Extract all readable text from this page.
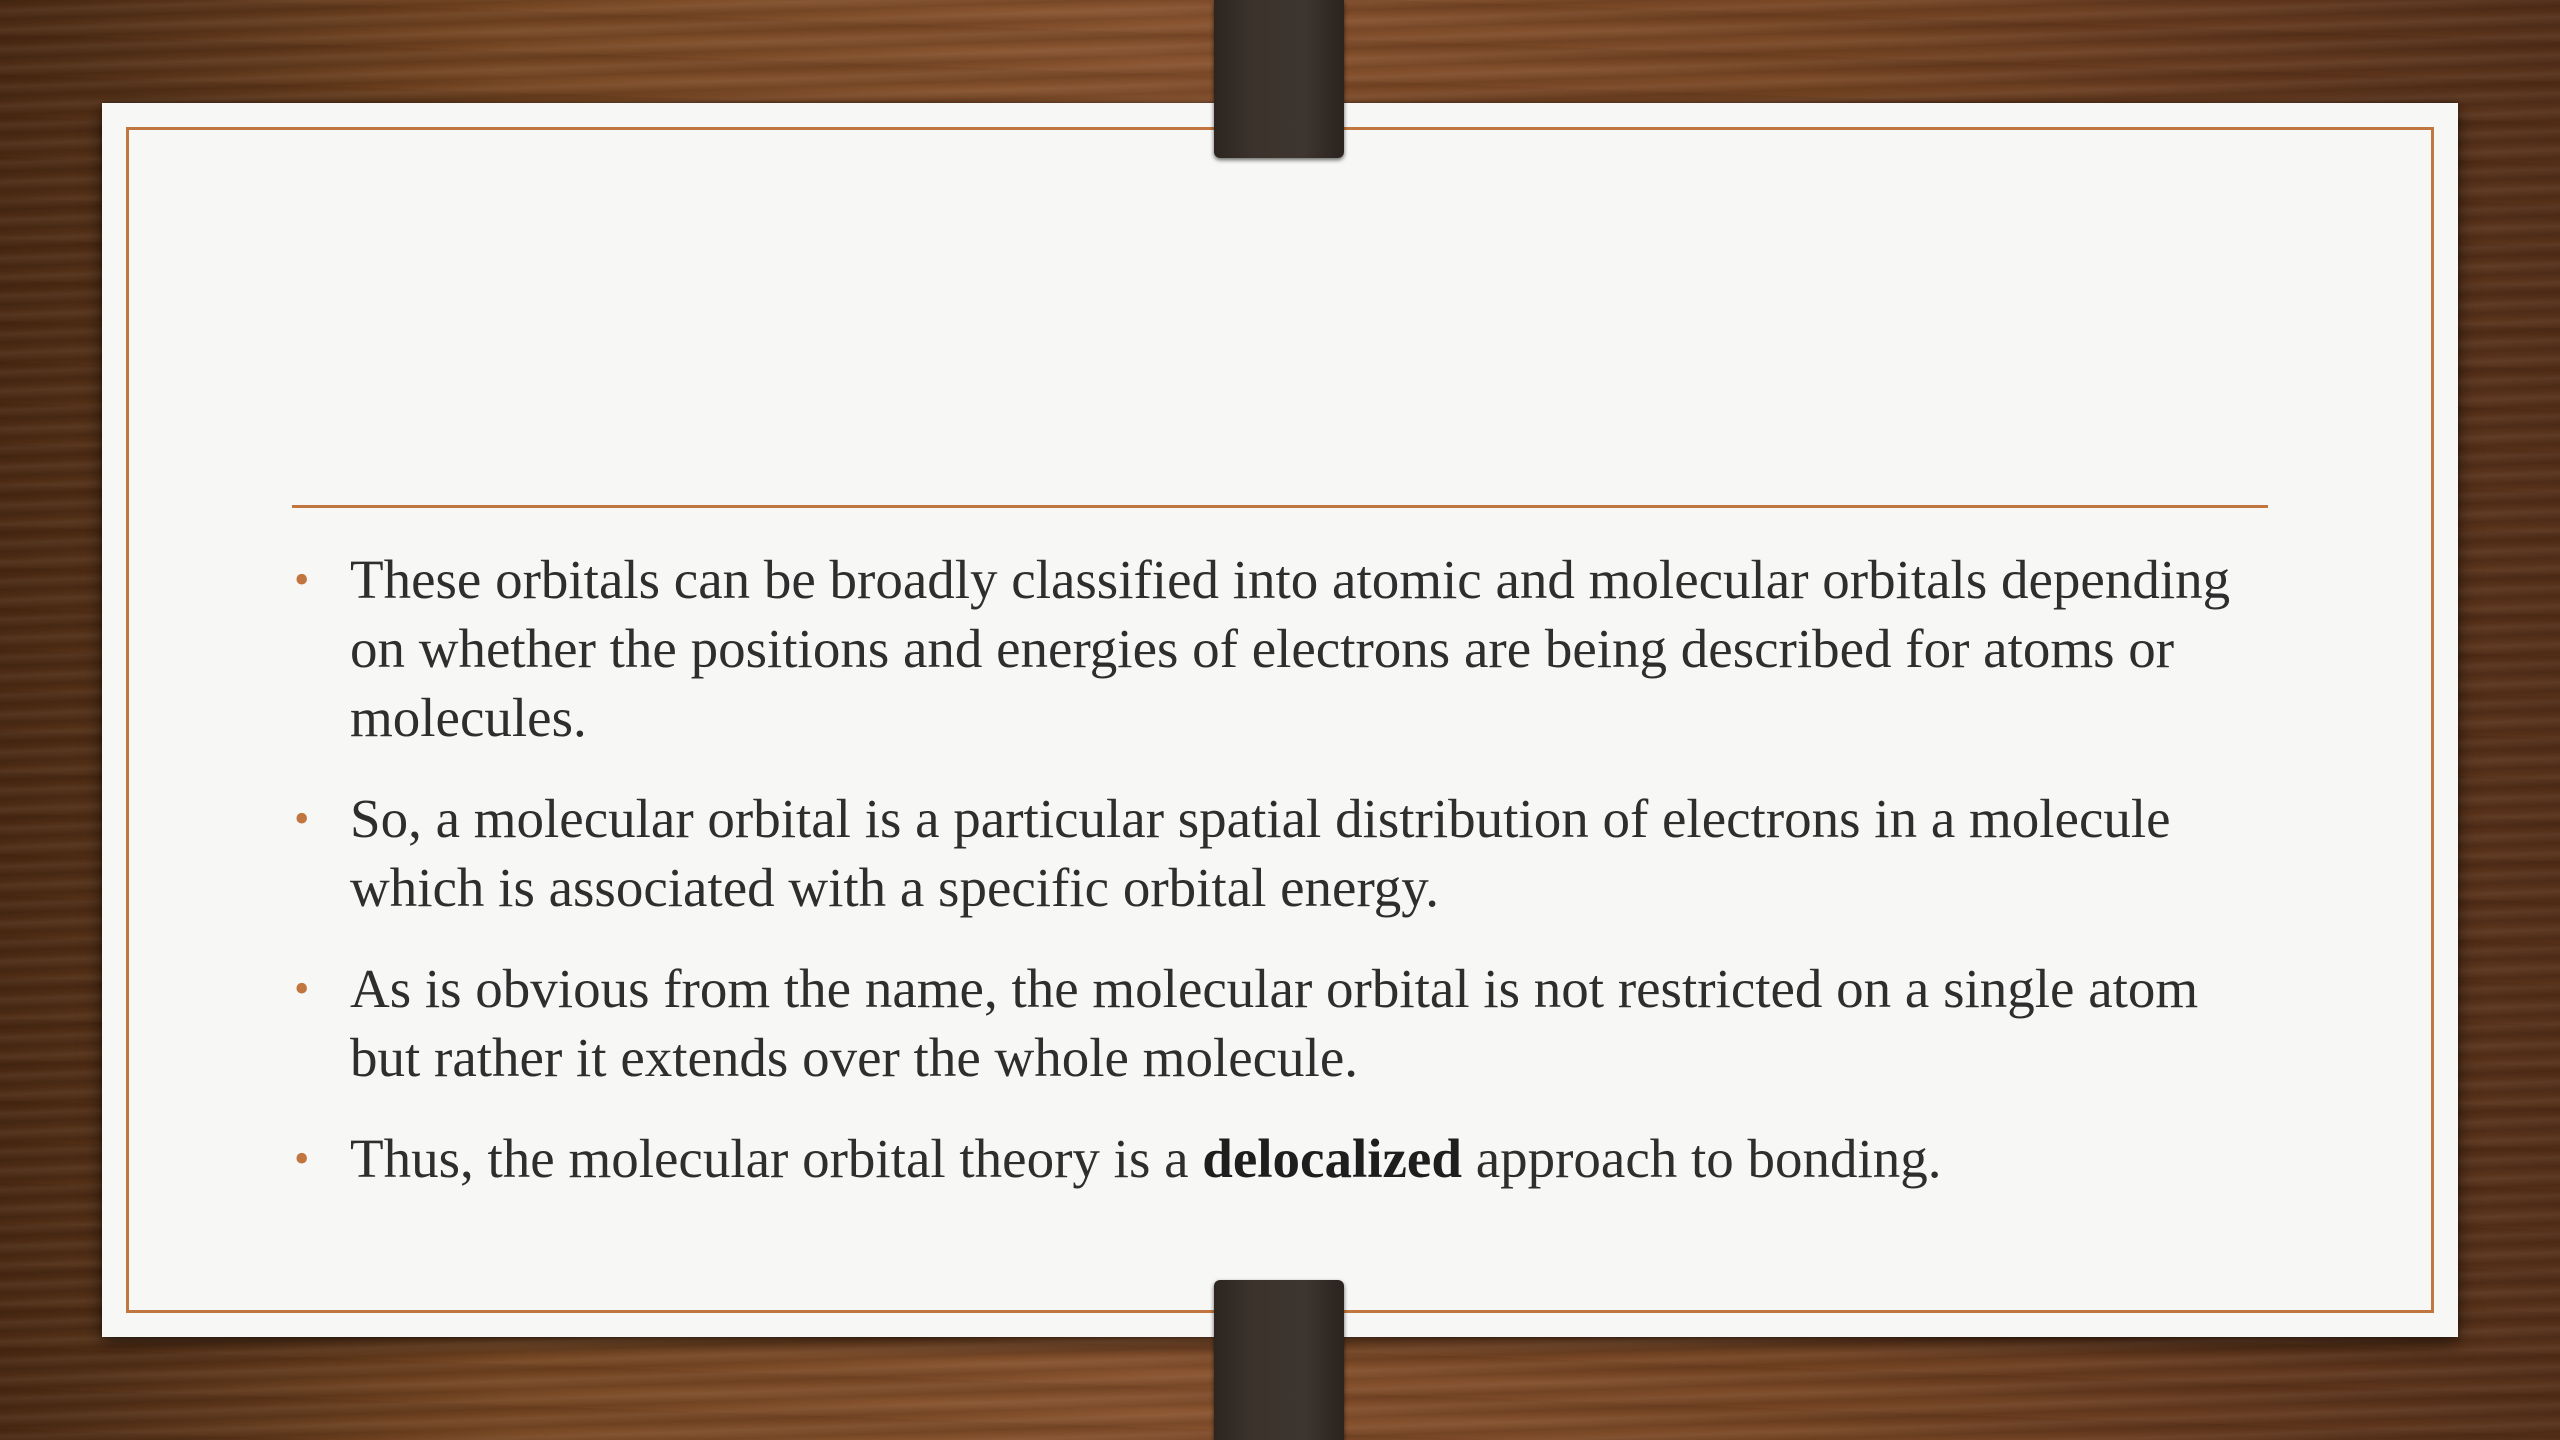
• These orbitals can be broadly classified into atomic and molecular orbitals depending on whether the positions and energies of electrons are being described for atoms or molecules.
• So, a molecular orbital is a particular spatial distribution of electrons in a molecule which is associated with a specific orbital energy.
• As is obvious from the name, the molecular orbital is not restricted on a single atom but rather it extends over the whole molecule.
• Thus, the molecular orbital theory is a delocalized approach to bonding.
